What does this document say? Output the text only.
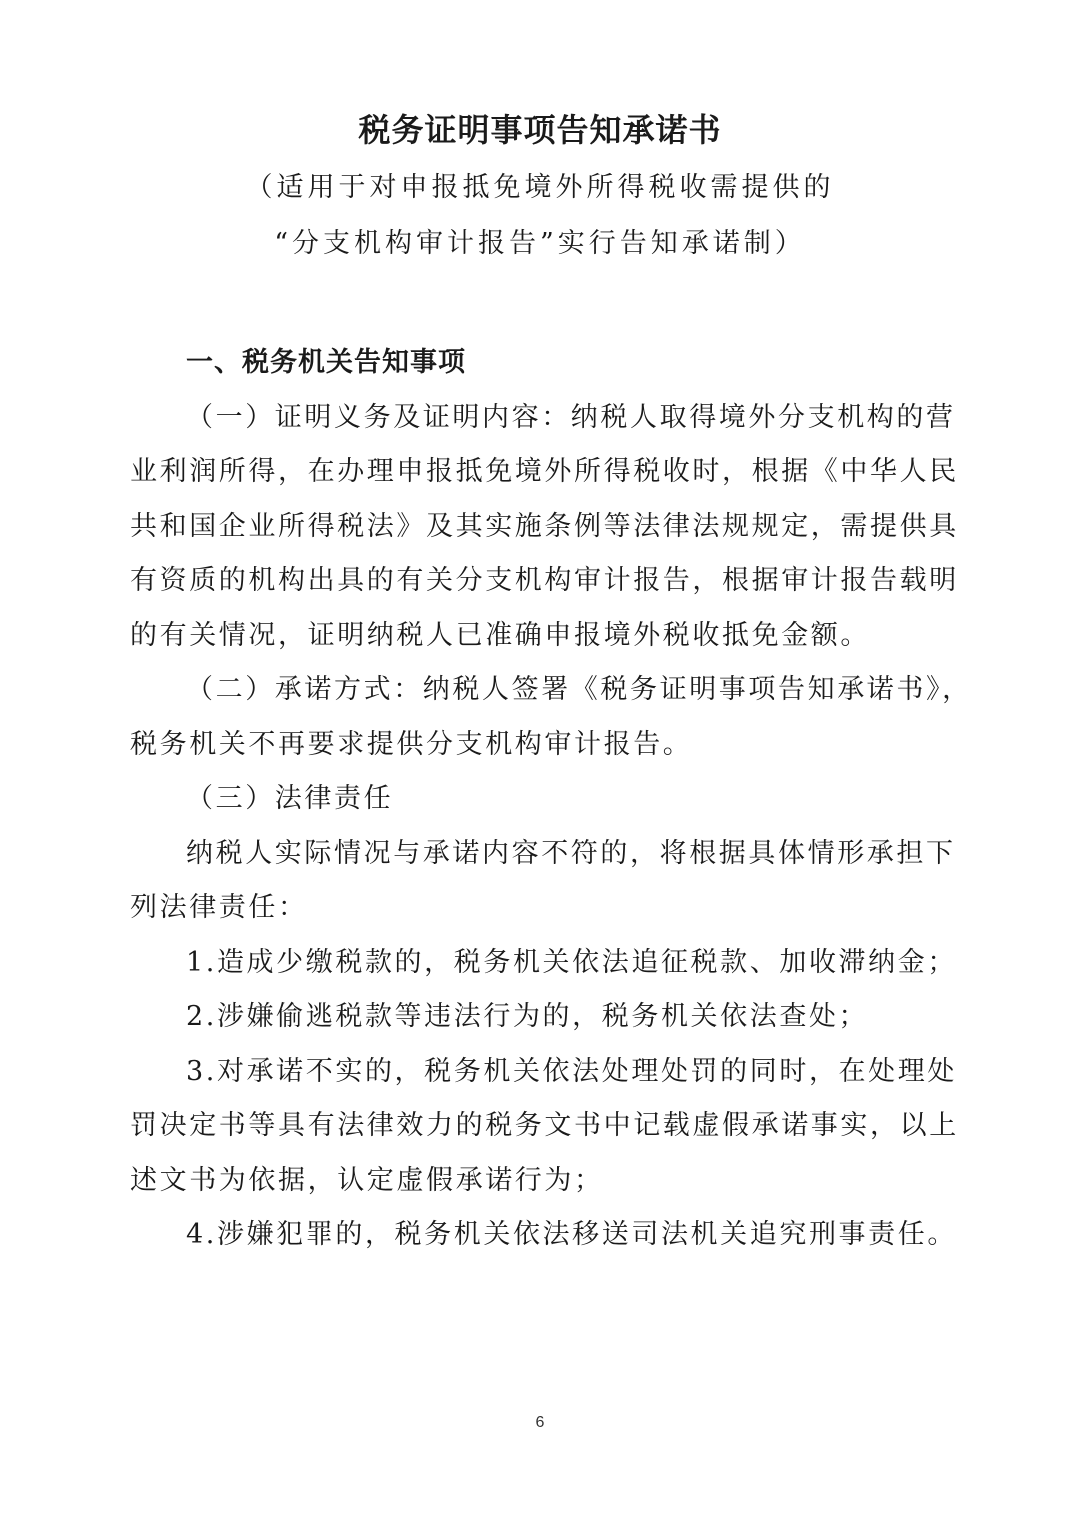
税务证明事项告知承诺书
（适用于对申报抵免境外所得税收需提供的
“分支机构审计报告”实行告知承诺制）
一、税务机关告知事项
（一）证明义务及证明内容：纳税人取得境外分支机构的营
业利润所得，在办理申报抵免境外所得税收时，根据《中华人民
共和国企业所得税法》及其实施条例等法律法规规定，需提供具
有资质的机构出具的有关分支机构审计报告，根据审计报告载明
的有关情况，证明纳税人已准确申报境外税收抵免金额。
（二）承诺方式：纳税人签署《税务证明事项告知承诺书》，
税务机关不再要求提供分支机构审计报告。
（三）法律责任
纳税人实际情况与承诺内容不符的，将根据具体情形承担下
列法律责任：
1.造成少缴税款的，税务机关依法追征税款、加收滞纳金；
2.涉嫌偷逃税款等违法行为的，税务机关依法查处；
3.对承诺不实的，税务机关依法处理处罚的同时，在处理处
罚决定书等具有法律效力的税务文书中记载虚假承诺事实，以上
述文书为依据，认定虚假承诺行为；
4.涉嫌犯罪的，税务机关依法移送司法机关追究刑事责任。
6
